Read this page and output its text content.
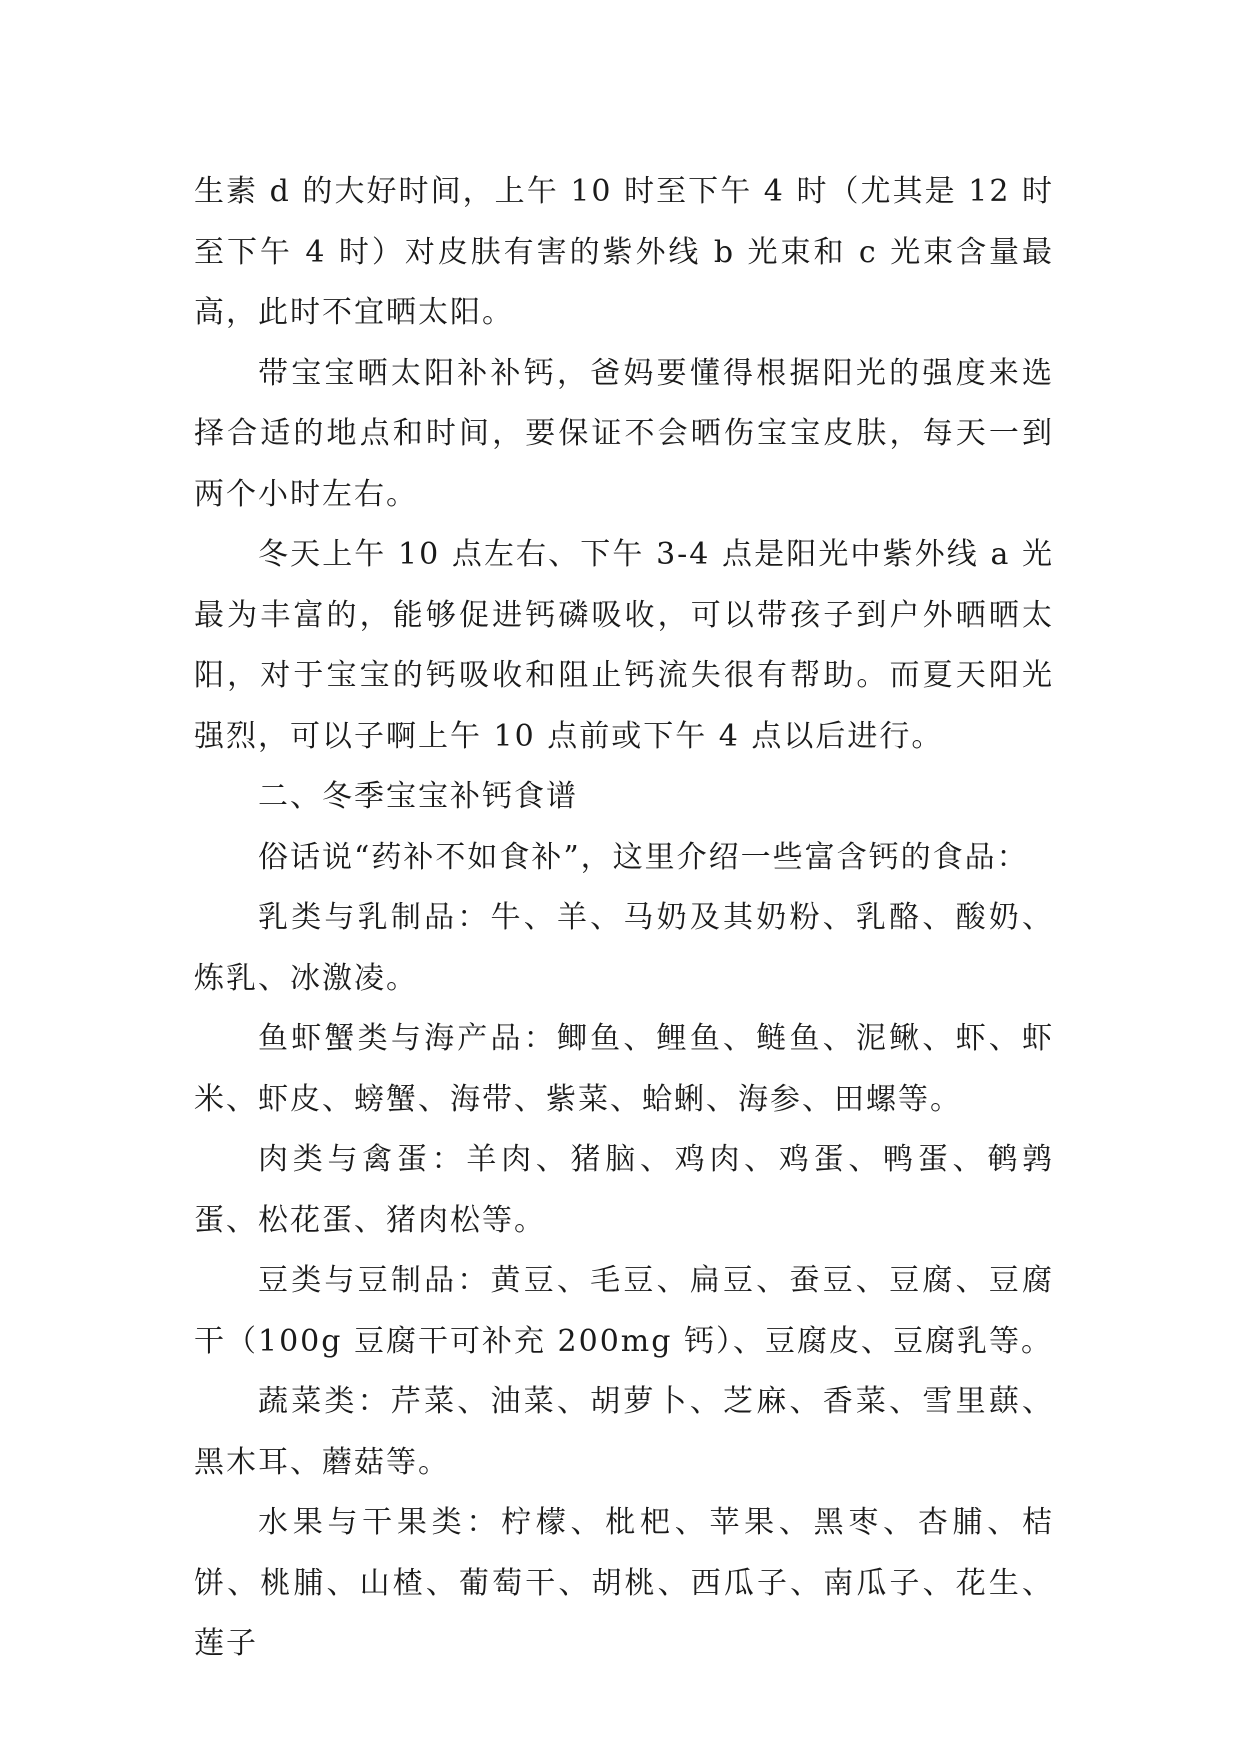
生素 d 的大好时间，上午 10 时至下午 4 时（尤其是 12 时至下午 4 时）对皮肤有害的紫外线 b 光束和 c 光束含量最高，此时不宜晒太阳。

带宝宝晒太阳补补钙，爸妈要懂得根据阳光的强度来选择合适的地点和时间，要保证不会晒伤宝宝皮肤，每天一到两个小时左右。

冬天上午 10 点左右、下午 3-4 点是阳光中紫外线 a 光最为丰富的，能够促进钙磷吸收，可以带孩子到户外晒晒太阳，对于宝宝的钙吸收和阻止钙流失很有帮助。而夏天阳光强烈，可以子啊上午 10 点前或下午 4 点以后进行。

二、冬季宝宝补钙食谱

俗话说“药补不如食补”，这里介绍一些富含钙的食品：

乳类与乳制品：牛、羊、马奶及其奶粉、乳酪、酸奶、炼乳、冰激凌。

鱼虾蟹类与海产品：鲫鱼、鲤鱼、鲢鱼、泥鳅、虾、虾米、虾皮、螃蟹、海带、紫菜、蛤蜊、海参、田螺等。

肉类与禽蛋：羊肉、猪脑、鸡肉、鸡蛋、鸭蛋、鹌鹑蛋、松花蛋、猪肉松等。

豆类与豆制品：黄豆、毛豆、扁豆、蚕豆、豆腐、豆腐干（100g 豆腐干可补充 200mg 钙）、豆腐皮、豆腐乳等。

蔬菜类：芹菜、油菜、胡萝卜、芝麻、香菜、雪里蕻、黑木耳、蘑菇等。

水果与干果类：柠檬、枇杷、苹果、黑枣、杏脯、桔饼、桃脯、山楂、葡萄干、胡桃、西瓜子、南瓜子、花生、莲子
